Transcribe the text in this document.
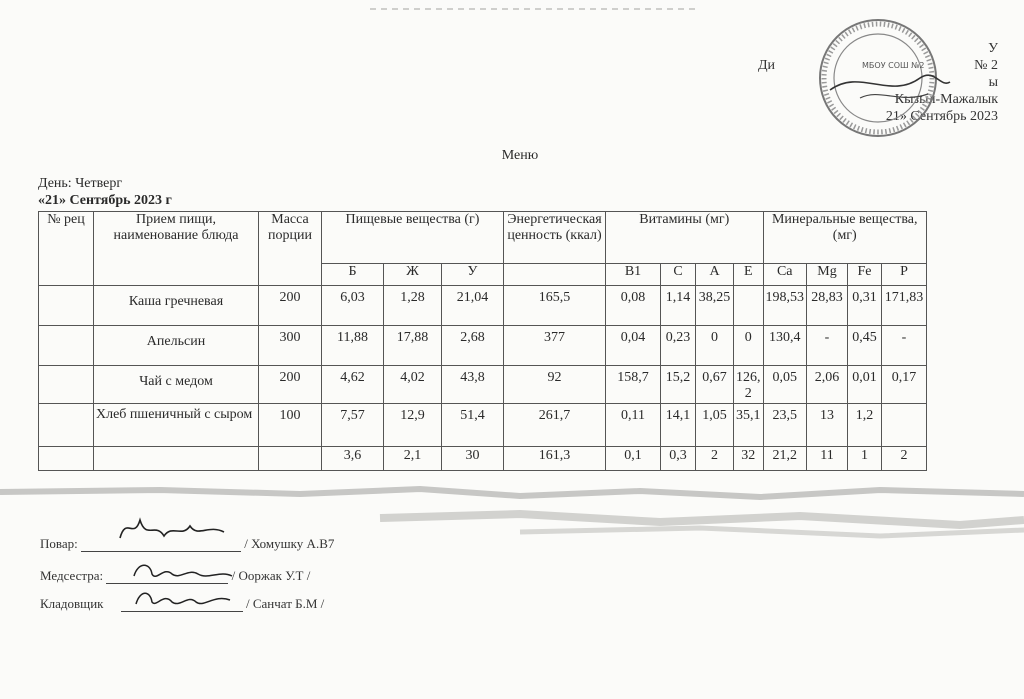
У
Ди	№ 2
ы
Кызыл-Мажалык
21» Сентябрь 2023
МБОУ СОШ №2
Меню
День: Четверг
«21» Сентябрь 2023 г
№ рец	Прием пищи, наименование блюда	Масса порции	Пищевые вещества (г)			Энергетическая ценность (ккал)	Витамины (мг)				Минеральные вещества, (мг)			
			Б	Ж	У		В1	С	А	Е	Ca	Mg	Fe	P
	Каша гречневая	200	6,03	1,28	21,04	165,5	0,08	1,14	38,25		198,53	28,83	0,31	171,83
	Апельсин	300	11,88	17,88	2,68	377	0,04	0,23	0	0	130,4	-	0,45	-
	Чай с медом	200	4,62	4,02	43,8	92	158,7	15,2	0,67	126,2	0,05	2,06	0,01	0,17
	Хлеб пшеничный с сыром	100	7,57	12,9	51,4	261,7	0,11	14,1	1,05	35,1	23,5	13	1,2	
			3,6	2,1	30	161,3	0,1	0,3	2	32	21,2	11	1	2
Повар:	/ Хомушку А.В7
Медсестра:	/ Ооржак У.Т /
Кладовщик	/ Санчат Б.М /
